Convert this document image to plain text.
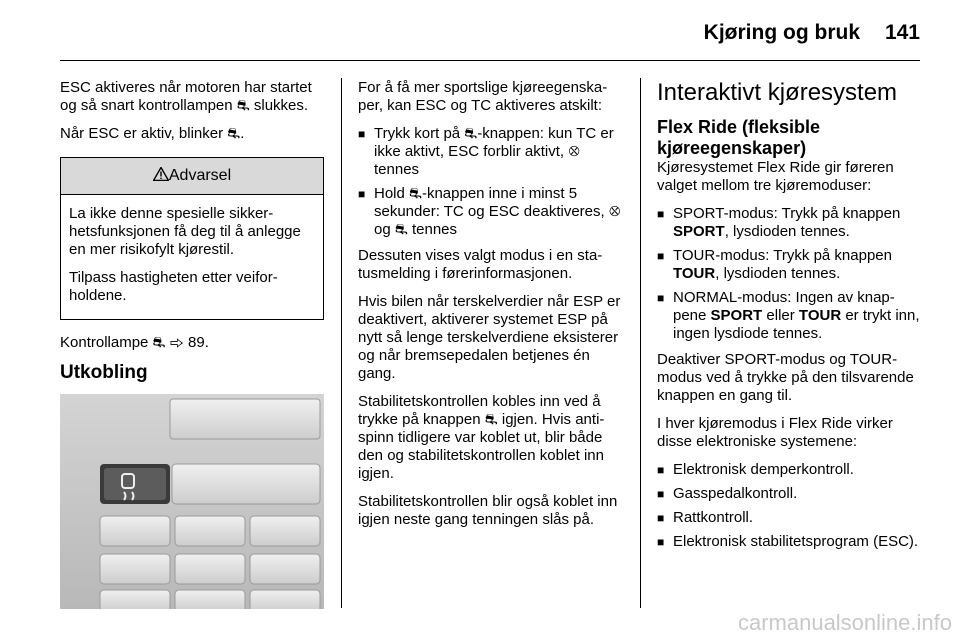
Kjøring og bruk 141

ESC aktiveres når motoren har startet og så snart kontrollampen ⛐ slukkes.

Når ESC er aktiv, blinker ⛐.

Advarsel

La ikke denne spesielle sikkerhetsfunksjonen få deg til å anlegge en mer risikofylt kjørestil.

Tilpass hastigheten etter veiforholdene.

Kontrollampe ⛐ ⇨ 89.

Utkobling

For å få mer sportslige kjøreegenskaper, kan ESC og TC aktiveres atskilt:

■ Trykk kort på ⛐-knappen: kun TC er ikke aktivt, ESC forblir aktivt, ⛒ tennes
■ Hold ⛐-knappen inne i minst 5 sekunder: TC og ESC deaktiveres, ⛒ og ⛐ tennes

Dessuten vises valgt modus i en statusmelding i førerinformasjonen.

Hvis bilen når terskelverdier når ESP er deaktivert, aktiverer systemet ESP på nytt så lenge terskelverdiene eksisterer og når bremsepedalen betjenes én gang.

Stabilitetskontrollen kobles inn ved å trykke på knappen ⛐ igjen. Hvis antispinn tidligere var koblet ut, blir både den og stabilitetskontrollen koblet inn igjen.

Stabilitetskontrollen blir også koblet inn igjen neste gang tenningen slås på.

Interaktivt kjøresystem
Flex Ride (fleksible kjøreegenskaper)

Kjøresystemet Flex Ride gir føreren valget mellom tre kjøremoduser:

■ SPORT-modus: Trykk på knappen SPORT, lysdioden tennes.
■ TOUR-modus: Trykk på knappen TOUR, lysdioden tennes.
■ NORMAL-modus: Ingen av knappene SPORT eller TOUR er trykt inn, ingen lysdiode tennes.

Deaktiver SPORT-modus og TOUR-modus ved å trykke på den tilsvarende knappen en gang til.

I hver kjøremodus i Flex Ride virker disse elektroniske systemene:

■ Elektronisk demperkontroll.
■ Gasspedalkontroll.
■ Rattkontroll.
■ Elektronisk stabilitetsprogram (ESC).
carmanualsonline.info
